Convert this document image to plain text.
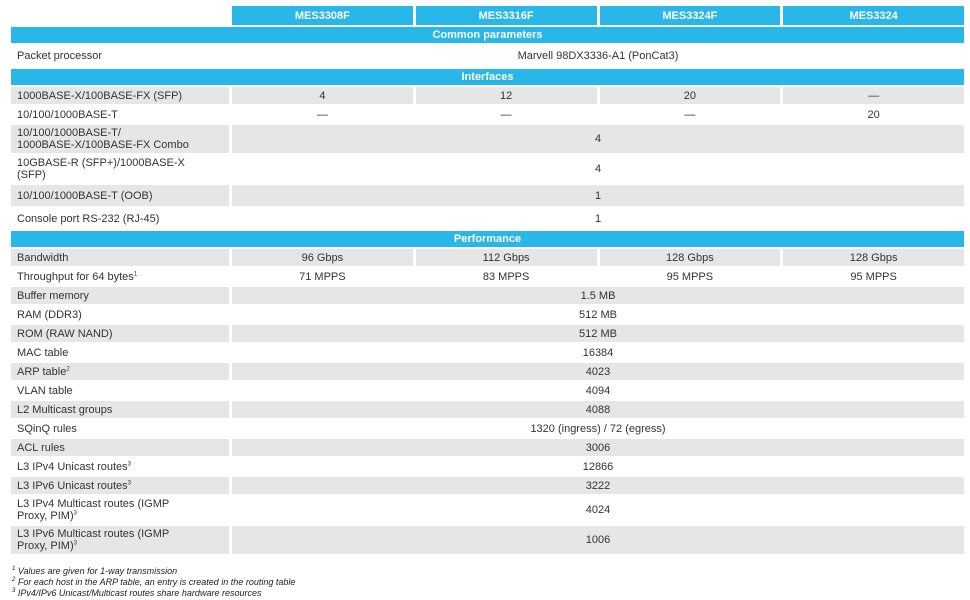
	MES3308F	MES3316F	MES3324F	MES3324
Common parameters				
Packet processor	Marvell 98DX3336-A1 (PonCat3)			
Interfaces				
1000BASE-X/100BASE-FX (SFP)	4	12	20	—
10/100/1000BASE-T	—	—	—	20
10/100/1000BASE-T/
1000BASE-X/100BASE-FX Combo	4			
10GBASE-R (SFP+)/1000BASE-X
(SFP)	4			
10/100/1000BASE-T (OOB)	1			
Console port RS-232 (RJ-45)	1			
Performance				
Bandwidth	96 Gbps	112 Gbps	128 Gbps	128 Gbps
Throughput for 64 bytes$^1$	71 MPPS	83 MPPS	95 MPPS	95 MPPS
Buffer memory	1.5 MB			
RAM (DDR3)	512 MB			
ROM (RAW NAND)	512 MB			
MAC table	16384			
ARP table$^2$	4023			
VLAN table	4094			
L2 Multicast groups	4088			
SQinQ rules	1320 (ingress) / 72 (egress)			
ACL rules	3006			
L3 IPv4 Unicast routes$^3$	12866			
L3 IPv6 Unicast routes$^3$	3222			
L3 IPv4 Multicast routes (IGMP
Proxy, PIM)$^3$	4024			
L3 IPv6 Multicast routes (IGMP
Proxy, PIM)$^3$	1006			
$^1$ Values are given for 1-way transmission
$^2$ For each host in the ARP table, an entry is created in the routing table
$^3$ IPv4/IPv6 Unicast/Multicast routes share hardware resources
